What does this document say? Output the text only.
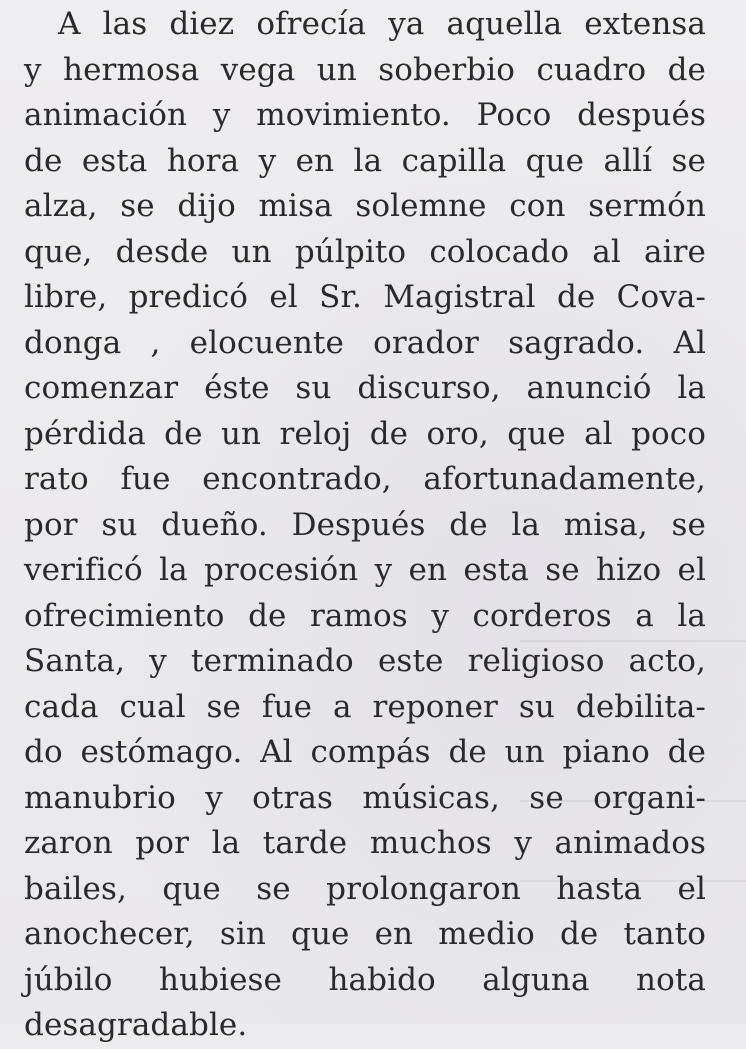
A las diez ofrecía ya aquella extensa
y hermosa vega un soberbio cuadro de
animación y movimiento. Poco después
de esta hora y en la capilla que allí se
alza, se dijo misa solemne con sermón
que, desde un púlpito colocado al aire
libre, predicó el Sr. Magistral de Cova-
donga , elocuente orador sagrado. Al
comenzar éste su discurso, anunció la
pérdida de un reloj de oro, que al poco
rato fue encontrado, afortunadamente,
por su dueño. Después de la misa, se
verificó la procesión y en esta se hizo el
ofrecimiento de ramos y corderos a la
Santa, y terminado este religioso acto,
cada cual se fue a reponer su debilita-
do estómago. Al compás de un piano de
manubrio y otras músicas, se organi-
zaron por la tarde muchos y animados
bailes, que se prolongaron hasta el
anochecer, sin que en medio de tanto
júbilo hubiese habido alguna nota
desagradable.
